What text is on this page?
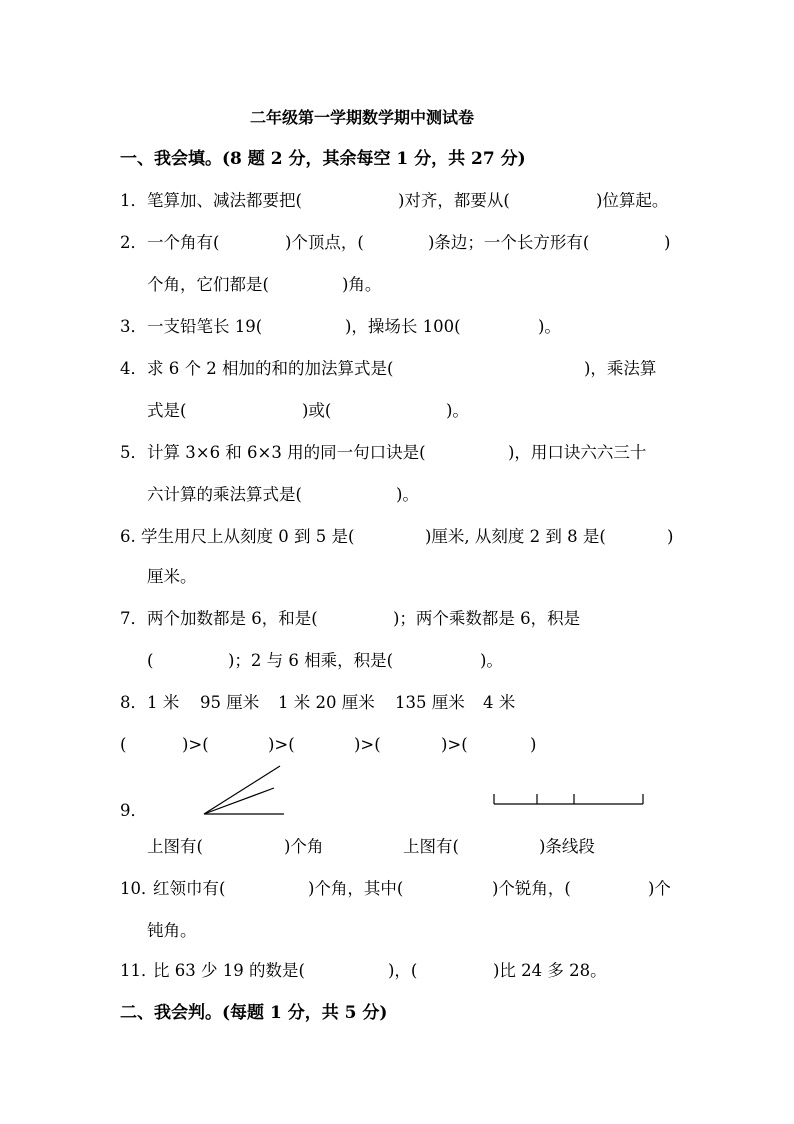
二年级第一学期数学期中测试卷

一、我会填。(8 题 2 分，其余每空 1 分，共 27 分)

1．

笔算加、减法都要把(

	)对齐，都要从(

	)位算起。

2．

一个角有(

	)个顶点，(

	)条边；一个长方形有(

	)

个角，它们都是(

	)角。

3．

一支铅笔长 19(

	)，操场长 100(

	)。

4．

求 6 个 2 相加的和的加法算式是(

	)，乘法算

式是(

	)或(

	)。

5．

计算 3×6 和 6×3 用的同一句口诀是(

	)，用口诀六六三十

六计算的乘法算式是(

	)。

6. 学生用尺上从刻度 0 到 5 是(

	)厘米, 从刻度 2 到 8 是(

	)

厘米。

7．

两个加数都是 6，和是(

	)；两个乘数都是 6，积是

(

	)；2 与 6 相乘，积是(

	)。

8．

1 米

95 厘米

1 米 20 厘米

135 厘米

4 米

(

	)>(

	)>(

	)>(

	)>(

	)

9．

上图有(

	)个角

	上图有(

	)条线段

10．

红领巾有(

	)个角，其中(

	)个锐角，(

	)个

钝角。

11．

比 63 少 19 的数是(

	)，(

	)比 24 多 28。

二、我会判。(每题 1 分，共 5 分)
